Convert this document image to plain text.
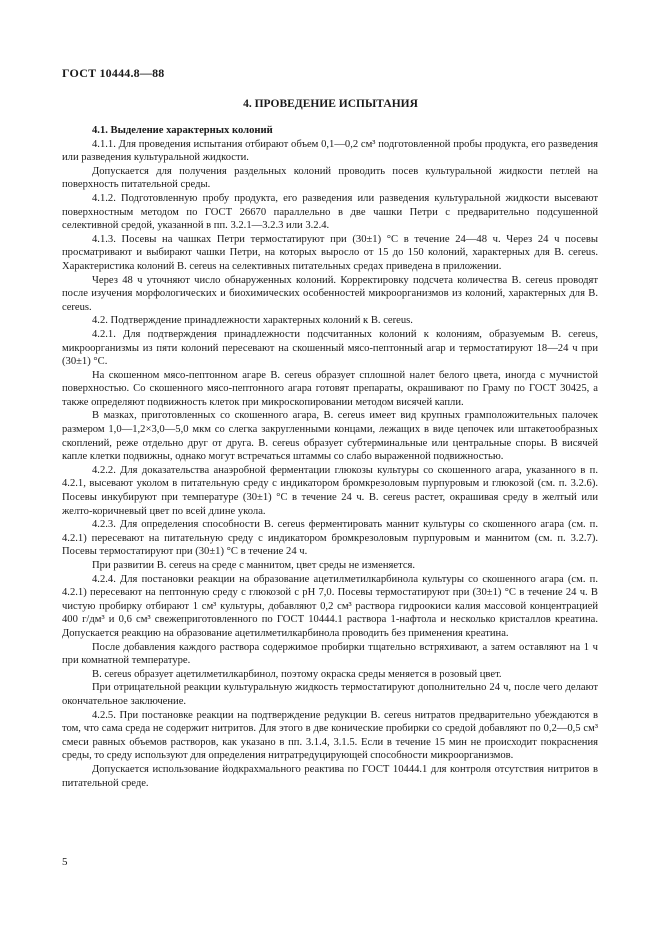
ГОСТ 10444.8—88
4. ПРОВЕДЕНИЕ ИСПЫТАНИЯ

4.1. Выделение характерных колоний

4.1.1. Для проведения испытания отбирают объем 0,1—0,2 см³ подготовленной пробы продукта, его разведения или разведения культуральной жидкости.

Допускается для получения раздельных колоний проводить посев культуральной жидкости петлей на поверхность питательной среды.

4.1.2. Подготовленную пробу продукта, его разведения или разведения культуральной жидкости высевают поверхностным методом по ГОСТ 26670 параллельно в две чашки Петри с предварительно подсушенной селективной средой, указанной в пп. 3.2.1—3.2.3 или 3.2.4.

4.1.3. Посевы на чашках Петри термостатируют при (30±1) °С в течение 24—48 ч. Через 24 ч посевы просматривают и выбирают чашки Петри, на которых выросло от 15 до 150 колоний, характерных для B. cereus. Характеристика колоний B. cereus на селективных питательных средах приведена в приложении.

Через 48 ч уточняют число обнаруженных колоний. Корректировку подсчета количества B. cereus проводят после изучения морфологических и биохимических особенностей микроорганизмов из колоний, характерных для B. cereus.

4.2. Подтверждение принадлежности характерных колоний к B. cereus.

4.2.1. Для подтверждения принадлежности подсчитанных колоний к колониям, образуемым B. cereus, микроорганизмы из пяти колоний пересевают на скошенный мясо-пептонный агар и термостатируют 18—24 ч при (30±1) °С.

На скошенном мясо-пептонном агаре B. cereus образует сплошной налет белого цвета, иногда с мучнистой поверхностью. Со скошенного мясо-пептонного агара готовят препараты, окрашивают по Граму по ГОСТ 30425, а также определяют подвижность клеток при микроскопировании методом висячей капли.

В мазках, приготовленных со скошенного агара, B. cereus имеет вид крупных грамположительных палочек размером 1,0—1,2×3,0—5,0 мкм со слегка закругленными концами, лежащих в виде цепочек или штакетообразных скоплений, реже отдельно друг от друга. B. cereus образует субтерминальные или центральные споры. В висячей капле клетки подвижны, однако могут встречаться штаммы со слабо выраженной подвижностью.

4.2.2. Для доказательства анаэробной ферментации глюкозы культуры со скошенного агара, указанного в п. 4.2.1, высевают уколом в питательную среду с индикатором бромкрезоловым пурпуровым и глюкозой (см. п. 3.2.6). Посевы инкубируют при температуре (30±1) °С в течение 24 ч. B. cereus растет, окрашивая среду в желтый или желто-коричневый цвет по всей длине укола.

4.2.3. Для определения способности B. cereus ферментировать маннит культуры со скошенного агара (см. п. 4.2.1) пересевают на питательную среду с индикатором бромкрезоловым пурпуровым и маннитом (см. п. 3.2.7). Посевы термостатируют при (30±1) °С в течение 24 ч.

При развитии B. cereus на среде с маннитом, цвет среды не изменяется.

4.2.4. Для постановки реакции на образование ацетилметилкарбинола культуры со скошенного агара (см. п. 4.2.1) пересевают на пептонную среду с глюкозой с pH 7,0. Посевы термостатируют при (30±1) °С в течение 24 ч. В чистую пробирку отбирают 1 см³ культуры, добавляют 0,2 см³ раствора гидроокиси калия массовой концентрацией 400 г/дм³ и 0,6 см³ свежеприготовленного по ГОСТ 10444.1 раствора 1-нафтола и несколько кристаллов креатина. Допускается реакцию на образование ацетилметилкарбинола проводить без применения креатина.

После добавления каждого раствора содержимое пробирки тщательно встряхивают, а затем оставляют на 1 ч при комнатной температуре.

B. cereus образует ацетилметилкарбинол, поэтому окраска среды меняется в розовый цвет.

При отрицательной реакции культуральную жидкость термостатируют дополнительно 24 ч, после чего делают окончательное заключение.

4.2.5. При постановке реакции на подтверждение редукции B. cereus нитратов предварительно убеждаются в том, что сама среда не содержит нитритов. Для этого в две конические пробирки со средой добавляют по 0,2—0,5 см³ смеси равных объемов растворов, как указано в пп. 3.1.4, 3.1.5. Если в течение 15 мин не происходит покраснения среды, то среду используют для определения нитратредуцирующей способности микроорганизмов.

Допускается использование йодкрахмального реактива по ГОСТ 10444.1 для контроля отсутствия нитритов в питательной среде.

5
